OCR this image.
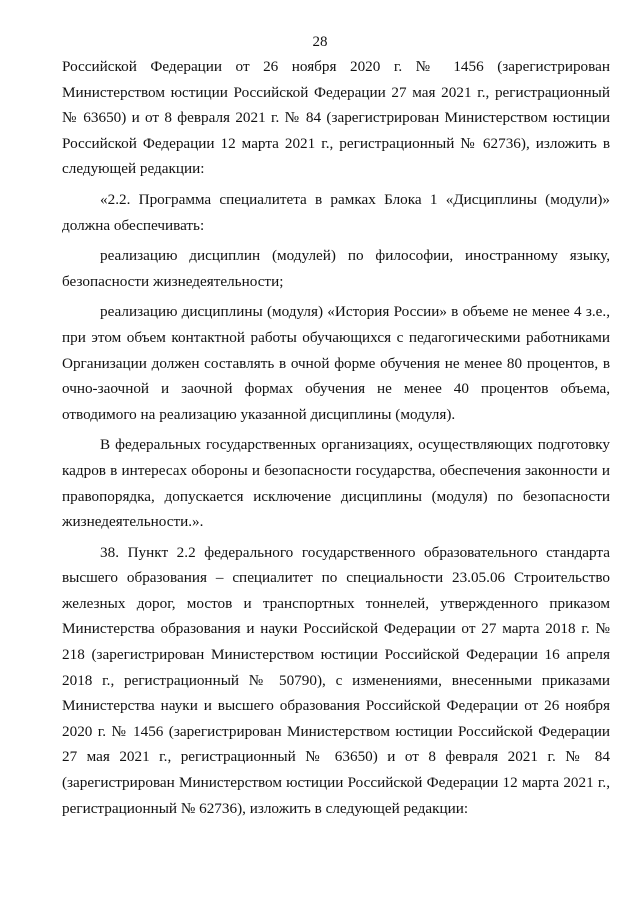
28

Российской Федерации от 26 ноября 2020 г. № 1456 (зарегистрирован Министерством юстиции Российской Федерации 27 мая 2021 г., регистрационный № 63650) и от 8 февраля 2021 г. № 84 (зарегистрирован Министерством юстиции Российской Федерации 12 марта 2021 г., регистрационный № 62736), изложить в следующей редакции:

«2.2. Программа специалитета в рамках Блока 1 «Дисциплины (модули)» должна обеспечивать:

реализацию дисциплин (модулей) по философии, иностранному языку, безопасности жизнедеятельности;

реализацию дисциплины (модуля) «История России» в объеме не менее 4 з.е., при этом объем контактной работы обучающихся с педагогическими работниками Организации должен составлять в очной форме обучения не менее 80 процентов, в очно-заочной и заочной формах обучения не менее 40 процентов объема, отводимого на реализацию указанной дисциплины (модуля).

В федеральных государственных организациях, осуществляющих подготовку кадров в интересах обороны и безопасности государства, обеспечения законности и правопорядка, допускается исключение дисциплины (модуля) по безопасности жизнедеятельности.».

38. Пункт 2.2 федерального государственного образовательного стандарта высшего образования – специалитет по специальности 23.05.06 Строительство железных дорог, мостов и транспортных тоннелей, утвержденного приказом Министерства образования и науки Российской Федерации от 27 марта 2018 г. № 218 (зарегистрирован Министерством юстиции Российской Федерации 16 апреля 2018 г., регистрационный № 50790), с изменениями, внесенными приказами Министерства науки и высшего образования Российской Федерации от 26 ноября 2020 г. № 1456 (зарегистрирован Министерством юстиции Российской Федерации 27 мая 2021 г., регистрационный № 63650) и от 8 февраля 2021 г. № 84 (зарегистрирован Министерством юстиции Российской Федерации 12 марта 2021 г., регистрационный № 62736), изложить в следующей редакции:
